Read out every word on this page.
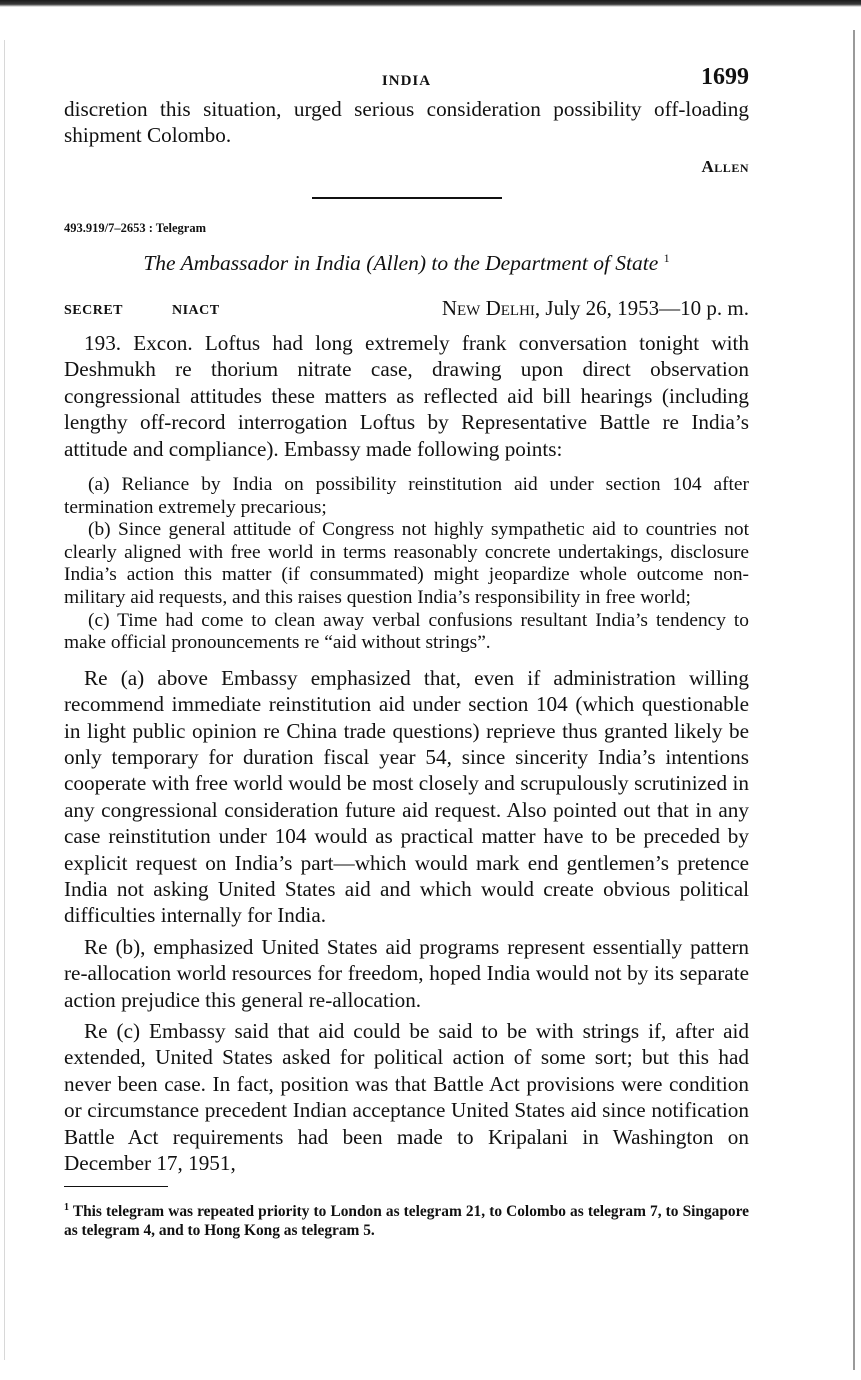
INDIA	1699

discretion this situation, urged serious consideration possibility off-loading shipment Colombo.

Allen
493.919/7–2653 : Telegram
The Ambassador in India (Allen) to the Department of State $^1$
SECRET	NIACT	New Delhi, July 26, 1953—10 p. m.

193. Excon. Loftus had long extremely frank conversation tonight with Deshmukh re thorium nitrate case, drawing upon direct observation congressional attitudes these matters as reflected aid bill hearings (including lengthy off-record interrogation Loftus by Representative Battle re India’s attitude and compliance). Embassy made following points:

(a) Reliance by India on possibility reinstitution aid under section 104 after termination extremely precarious;

(b) Since general attitude of Congress not highly sympathetic aid to countries not clearly aligned with free world in terms reasonably concrete undertakings, disclosure India’s action this matter (if consummated) might jeopardize whole outcome non-military aid requests, and this raises question India’s responsibility in free world;

(c) Time had come to clean away verbal confusions resultant India’s tendency to make official pronouncements re “aid without strings”.

Re (a) above Embassy emphasized that, even if administration willing recommend immediate reinstitution aid under section 104 (which questionable in light public opinion re China trade questions) reprieve thus granted likely be only temporary for duration fiscal year 54, since sincerity India’s intentions cooperate with free world would be most closely and scrupulously scrutinized in any congressional consideration future aid request. Also pointed out that in any case reinstitution under 104 would as practical matter have to be preceded by explicit request on India’s part—which would mark end gentlemen’s pretence India not asking United States aid and which would create obvious political difficulties internally for India.

Re (b), emphasized United States aid programs represent essentially pattern re-allocation world resources for freedom, hoped India would not by its separate action prejudice this general re-allocation.

Re (c) Embassy said that aid could be said to be with strings if, after aid extended, United States asked for political action of some sort; but this had never been case. In fact, position was that Battle Act provisions were condition or circumstance precedent Indian acceptance United States aid since notification Battle Act requirements had been made to Kripalani in Washington on December 17, 1951,

$^1$ This telegram was repeated priority to London as telegram 21, to Colombo as telegram 7, to Singapore as telegram 4, and to Hong Kong as telegram 5.
